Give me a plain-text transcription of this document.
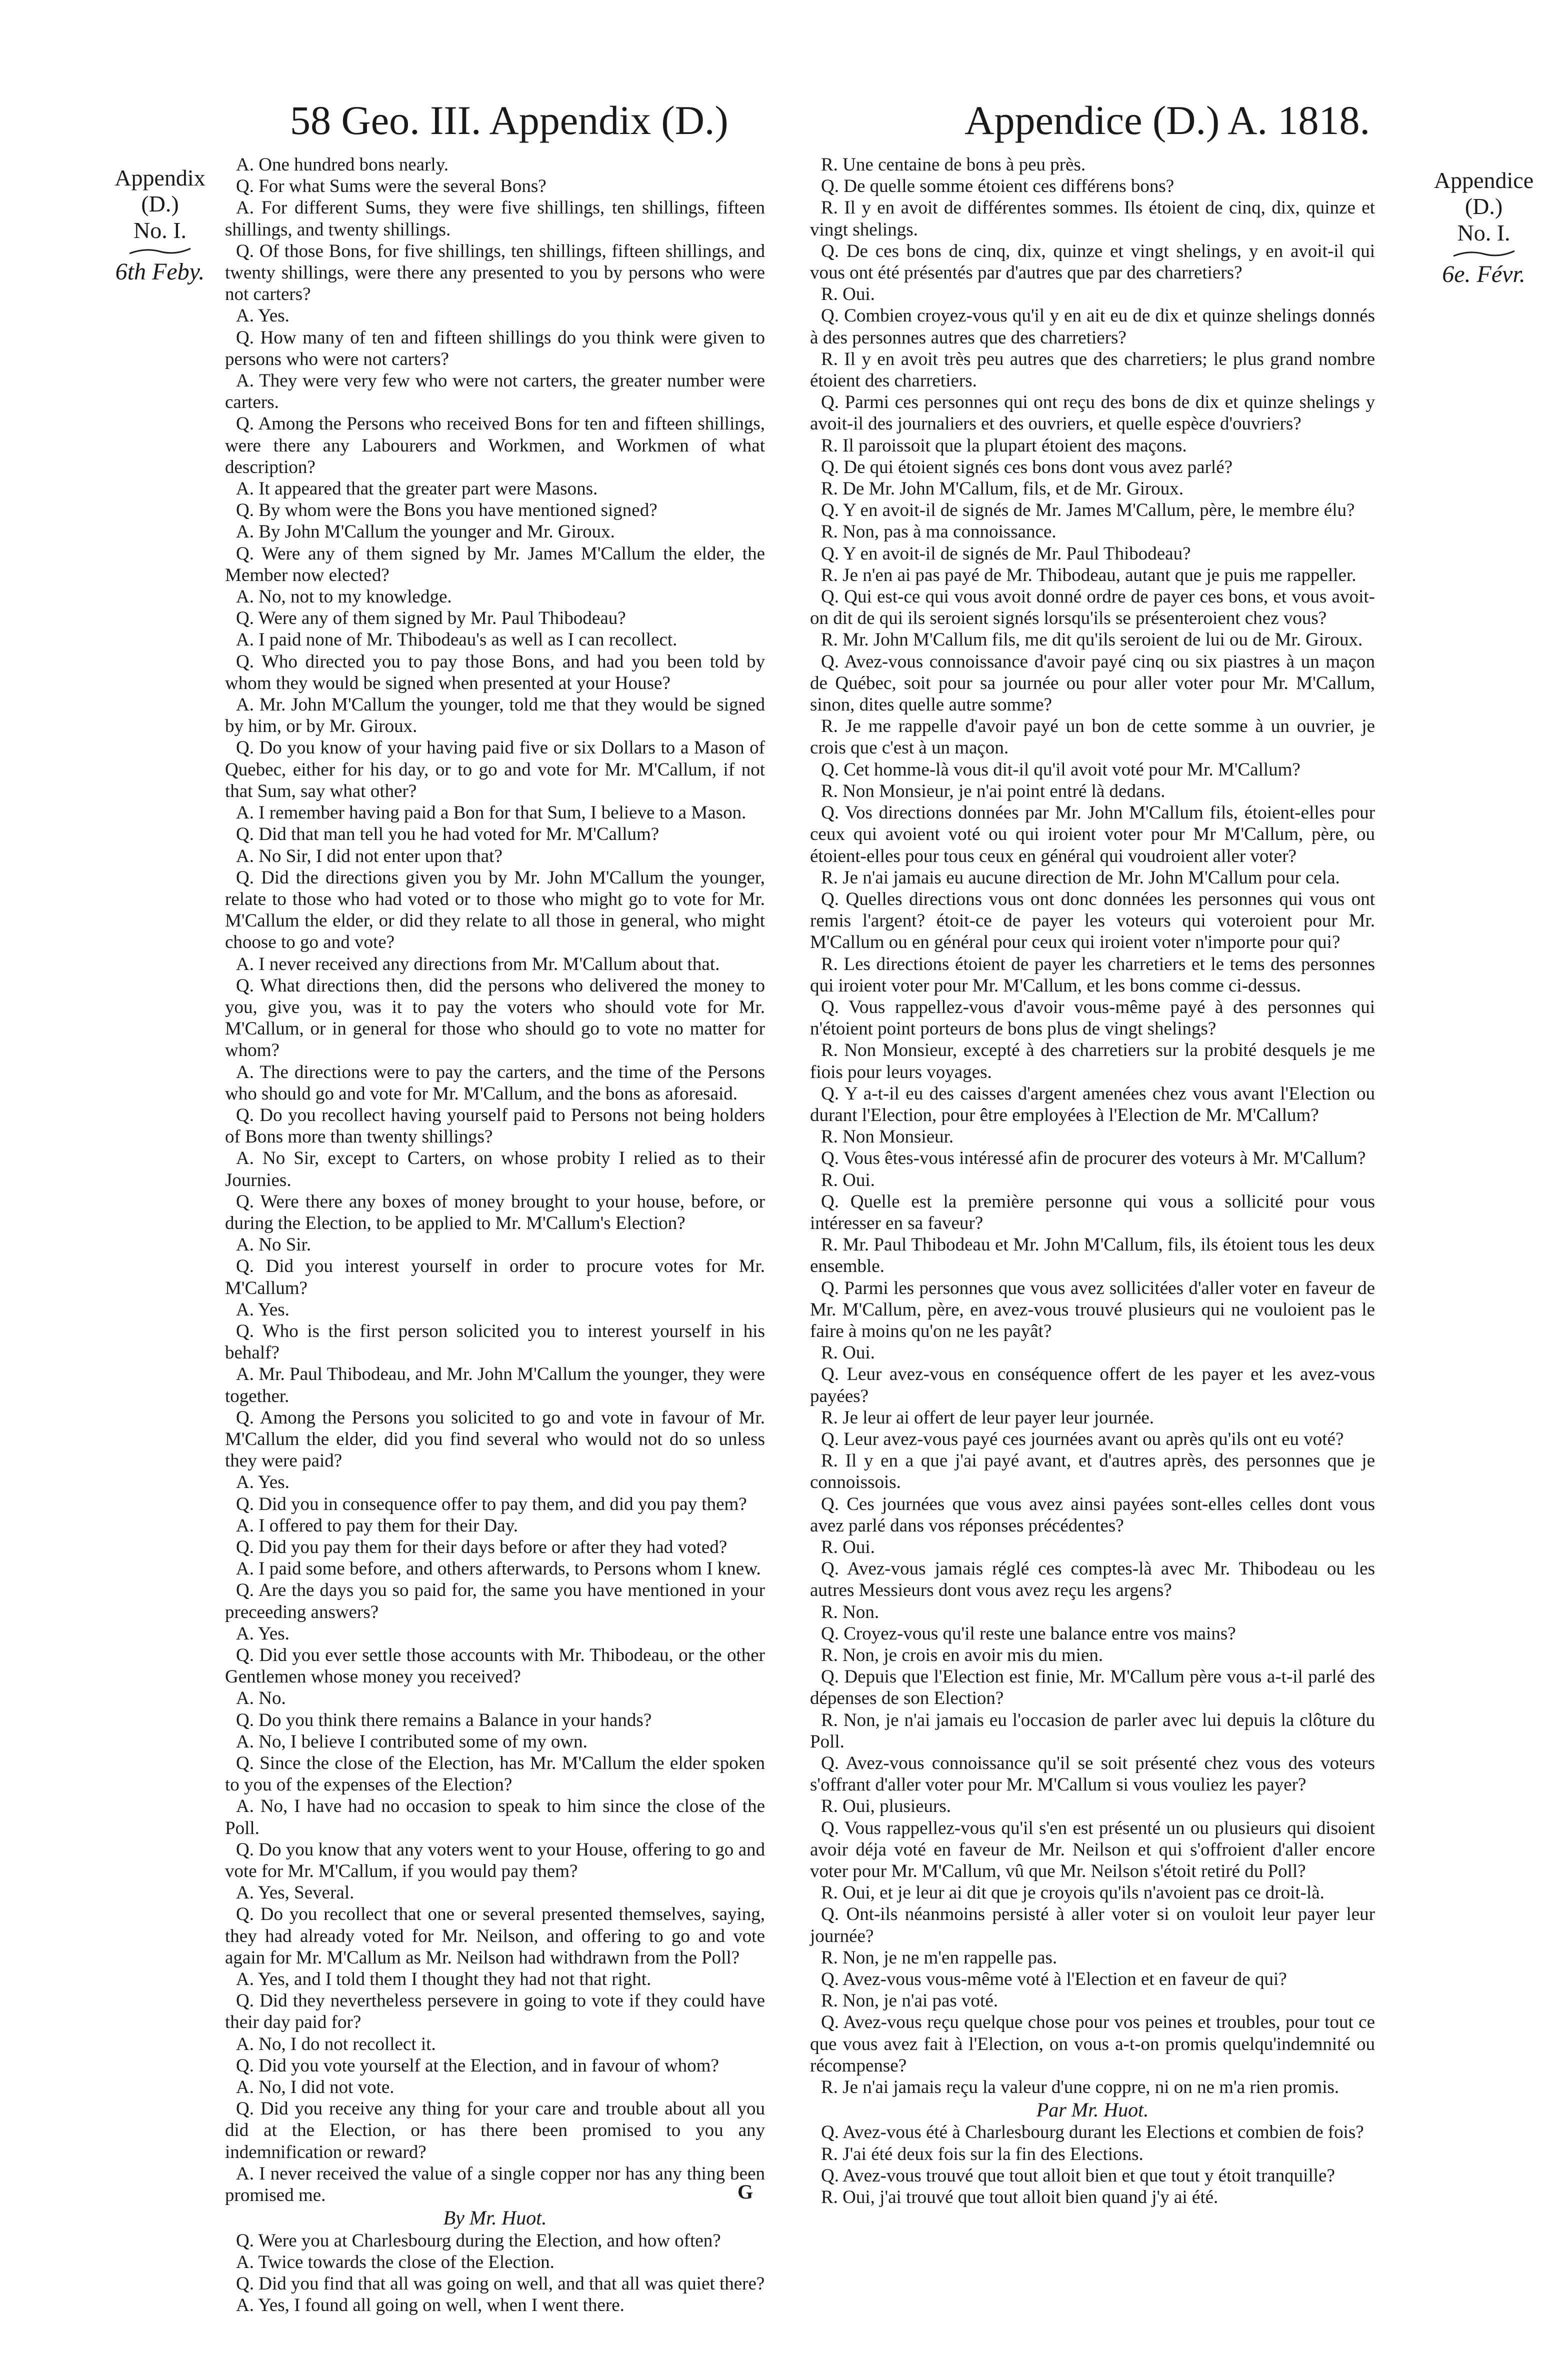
58 Geo. III. Appendix (D.)	Appendice (D.) A. 1818.
Appendix
(D.)
No. I.
6th Feby.
Appendice
(D.)
No. I.
6e. Févr.

A. One hundred bons nearly.

Q. For what Sums were the several Bons?

A. For different Sums, they were five shillings, ten shillings, fifteen shillings, and twenty shillings.

Q. Of those Bons, for five shillings, ten shillings, fifteen shillings, and twenty shillings, were there any presented to you by persons who were not carters?

A. Yes.

Q. How many of ten and fifteen shillings do you think were given to persons who were not carters?

A. They were very few who were not carters, the greater number were carters.

Q. Among the Persons who received Bons for ten and fifteen shillings, were there any Labourers and Workmen, and Workmen of what description?

A. It appeared that the greater part were Masons.

Q. By whom were the Bons you have mentioned signed?

A. By John M'Callum the younger and Mr. Giroux.

Q. Were any of them signed by Mr. James M'Callum the elder, the Member now elected?

A. No, not to my knowledge.

Q. Were any of them signed by Mr. Paul Thibodeau?

A. I paid none of Mr. Thibodeau's as well as I can recollect.

Q. Who directed you to pay those Bons, and had you been told by whom they would be signed when presented at your House?

A. Mr. John M'Callum the younger, told me that they would be signed by him, or by Mr. Giroux.

Q. Do you know of your having paid five or six Dollars to a Mason of Quebec, either for his day, or to go and vote for Mr. M'Callum, if not that Sum, say what other?

A. I remember having paid a Bon for that Sum, I believe to a Mason.

Q. Did that man tell you he had voted for Mr. M'Callum?

A. No Sir, I did not enter upon that?

Q. Did the directions given you by Mr. John M'Callum the younger, relate to those who had voted or to those who might go to vote for Mr. M'Callum the elder, or did they relate to all those in general, who might choose to go and vote?

A. I never received any directions from Mr. M'Callum about that.

Q. What directions then, did the persons who delivered the money to you, give you, was it to pay the voters who should vote for Mr. M'Callum, or in general for those who should go to vote no matter for whom?

A. The directions were to pay the carters, and the time of the Persons who should go and vote for Mr. M'Callum, and the bons as aforesaid.

Q. Do you recollect having yourself paid to Persons not being holders of Bons more than twenty shillings?

A. No Sir, except to Carters, on whose probity I relied as to their Journies.

Q. Were there any boxes of money brought to your house, before, or during the Election, to be applied to Mr. M'Callum's Election?

A. No Sir.

Q. Did you interest yourself in order to procure votes for Mr. M'Callum?

A. Yes.

Q. Who is the first person solicited you to interest yourself in his behalf?

A. Mr. Paul Thibodeau, and Mr. John M'Callum the younger, they were together.

Q. Among the Persons you solicited to go and vote in favour of Mr. M'Callum the elder, did you find several who would not do so unless they were paid?

A. Yes.

Q. Did you in consequence offer to pay them, and did you pay them?

A. I offered to pay them for their Day.

Q. Did you pay them for their days before or after they had voted?

A. I paid some before, and others afterwards, to Persons whom I knew.

Q. Are the days you so paid for, the same you have mentioned in your preceeding answers?

A. Yes.

Q. Did you ever settle those accounts with Mr. Thibodeau, or the other Gentlemen whose money you received?

A. No.

Q. Do you think there remains a Balance in your hands?

A. No, I believe I contributed some of my own.

Q. Since the close of the Election, has Mr. M'Callum the elder spoken to you of the expenses of the Election?

A. No, I have had no occasion to speak to him since the close of the Poll.

Q. Do you know that any voters went to your House, offering to go and vote for Mr. M'Callum, if you would pay them?

A. Yes, Several.

Q. Do you recollect that one or several presented themselves, saying, they had already voted for Mr. Neilson, and offering to go and vote again for Mr. M'Callum as Mr. Neilson had withdrawn from the Poll?

A. Yes, and I told them I thought they had not that right.

Q. Did they nevertheless persevere in going to vote if they could have their day paid for?

A. No, I do not recollect it.

Q. Did you vote yourself at the Election, and in favour of whom?

A. No, I did not vote.

Q. Did you receive any thing for your care and trouble about all you did at the Election, or has there been promised to you any indemnification or reward?

A. I never received the value of a single copper nor has any thing been promised me.

By Mr. Huot.

Q. Were you at Charlesbourg during the Election, and how often?

A. Twice towards the close of the Election.

Q. Did you find that all was going on well, and that all was quiet there?

A. Yes, I found all going on well, when I went there.

R. Une centaine de bons à peu près.

Q. De quelle somme étoient ces différens bons?

R. Il y en avoit de différentes sommes. Ils étoient de cinq, dix, quinze et vingt shelings.

Q. De ces bons de cinq, dix, quinze et vingt shelings, y en avoit-il qui vous ont été présentés par d'autres que par des charretiers?

R. Oui.

Q. Combien croyez-vous qu'il y en ait eu de dix et quinze shelings donnés à des personnes autres que des charretiers?

R. Il y en avoit très peu autres que des charretiers; le plus grand nombre étoient des charretiers.

Q. Parmi ces personnes qui ont reçu des bons de dix et quinze shelings y avoit-il des journaliers et des ouvriers, et quelle espèce d'ouvriers?

R. Il paroissoit que la plupart étoient des maçons.

Q. De qui étoient signés ces bons dont vous avez parlé?

R. De Mr. John M'Callum, fils, et de Mr. Giroux.

Q. Y en avoit-il de signés de Mr. James M'Callum, père, le membre élu?

R. Non, pas à ma connoissance.

Q. Y en avoit-il de signés de Mr. Paul Thibodeau?

R. Je n'en ai pas payé de Mr. Thibodeau, autant que je puis me rappeller.

Q. Qui est-ce qui vous avoit donné ordre de payer ces bons, et vous avoit-on dit de qui ils seroient signés lorsqu'ils se présenteroient chez vous?

R. Mr. John M'Callum fils, me dit qu'ils seroient de lui ou de Mr. Giroux.

Q. Avez-vous connoissance d'avoir payé cinq ou six piastres à un maçon de Québec, soit pour sa journée ou pour aller voter pour Mr. M'Callum, sinon, dites quelle autre somme?

R. Je me rappelle d'avoir payé un bon de cette somme à un ouvrier, je crois que c'est à un maçon.

Q. Cet homme-là vous dit-il qu'il avoit voté pour Mr. M'Callum?

R. Non Monsieur, je n'ai point entré là dedans.

Q. Vos directions données par Mr. John M'Callum fils, étoient-elles pour ceux qui avoient voté ou qui iroient voter pour Mr M'Callum, père, ou étoient-elles pour tous ceux en général qui voudroient aller voter?

R. Je n'ai jamais eu aucune direction de Mr. John M'Callum pour cela.

Q. Quelles directions vous ont donc données les personnes qui vous ont remis l'argent? étoit-ce de payer les voteurs qui voteroient pour Mr. M'Callum ou en général pour ceux qui iroient voter n'importe pour qui?

R. Les directions étoient de payer les charretiers et le tems des personnes qui iroient voter pour Mr. M'Callum, et les bons comme ci-dessus.

Q. Vous rappellez-vous d'avoir vous-même payé à des personnes qui n'étoient point porteurs de bons plus de vingt shelings?

R. Non Monsieur, excepté à des charretiers sur la probité desquels je me fiois pour leurs voyages.

Q. Y a-t-il eu des caisses d'argent amenées chez vous avant l'Election ou durant l'Election, pour être employées à l'Election de Mr. M'Callum?

R. Non Monsieur.

Q. Vous êtes-vous intéressé afin de procurer des voteurs à Mr. M'Callum?

R. Oui.

Q. Quelle est la première personne qui vous a sollicité pour vous intéresser en sa faveur?

R. Mr. Paul Thibodeau et Mr. John M'Callum, fils, ils étoient tous les deux ensemble.

Q. Parmi les personnes que vous avez sollicitées d'aller voter en faveur de Mr. M'Callum, père, en avez-vous trouvé plusieurs qui ne vouloient pas le faire à moins qu'on ne les payât?

R. Oui.

Q. Leur avez-vous en conséquence offert de les payer et les avez-vous payées?

R. Je leur ai offert de leur payer leur journée.

Q. Leur avez-vous payé ces journées avant ou après qu'ils ont eu voté?

R. Il y en a que j'ai payé avant, et d'autres après, des personnes que je connoissois.

Q. Ces journées que vous avez ainsi payées sont-elles celles dont vous avez parlé dans vos réponses précédentes?

R. Oui.

Q. Avez-vous jamais réglé ces comptes-là avec Mr. Thibodeau ou les autres Messieurs dont vous avez reçu les argens?

R. Non.

Q. Croyez-vous qu'il reste une balance entre vos mains?

R. Non, je crois en avoir mis du mien.

Q. Depuis que l'Election est finie, Mr. M'Callum père vous a-t-il parlé des dépenses de son Election?

R. Non, je n'ai jamais eu l'occasion de parler avec lui depuis la clôture du Poll.

Q. Avez-vous connoissance qu'il se soit présenté chez vous des voteurs s'offrant d'aller voter pour Mr. M'Callum si vous vouliez les payer?

R. Oui, plusieurs.

Q. Vous rappellez-vous qu'il s'en est présenté un ou plusieurs qui disoient avoir déja voté en faveur de Mr. Neilson et qui s'offroient d'aller encore voter pour Mr. M'Callum, vû que Mr. Neilson s'étoit retiré du Poll?

R. Oui, et je leur ai dit que je croyois qu'ils n'avoient pas ce droit-là.

Q. Ont-ils néanmoins persisté à aller voter si on vouloit leur payer leur journée?

R. Non, je ne m'en rappelle pas.

Q. Avez-vous vous-même voté à l'Election et en faveur de qui?

R. Non, je n'ai pas voté.

Q. Avez-vous reçu quelque chose pour vos peines et troubles, pour tout ce que vous avez fait à l'Election, on vous a-t-on promis quelqu'indemnité ou récompense?

R. Je n'ai jamais reçu la valeur d'une coppre, ni on ne m'a rien promis.

Par Mr. Huot.

Q. Avez-vous été à Charlesbourg durant les Elections et combien de fois?

R. J'ai été deux fois sur la fin des Elections.

Q. Avez-vous trouvé que tout alloit bien et que tout y étoit tranquille?

R. Oui, j'ai trouvé que tout alloit bien quand j'y ai été.

G
